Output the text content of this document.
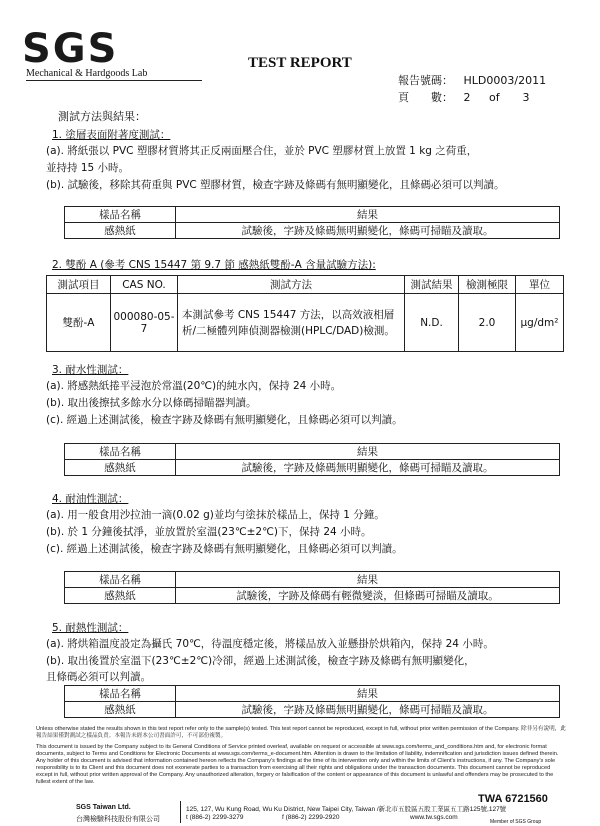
SGS
Mechanical & Hardgoods Lab
TEST REPORT
報告號碼： HLD0003/2011
頁　　數： 2 of 3
測試方法與結果：
1. 塗層表面附著度測試：
(a). 將紙張以 PVC 塑膠材質將其正反兩面壓合住，並於 PVC 塑膠材質上放置 1 kg 之荷重，
並持持 15 小時。
(b). 試驗後，移除其荷重與 PVC 塑膠材質，檢查字跡及條碼有無明顯變化，且條碼必須可以判讀。
樣品名稱	結果
感熱紙	試驗後，字跡及條碼無明顯變化，條碼可掃瞄及讀取。
2. 雙酚 A (參考 CNS 15447 第 9.7 節 感熱紙雙酚-A 含量試驗方法):
測試項目	CAS NO.	測試方法	測試結果	檢測極限	單位
雙酚-A	000080-05-7	本測試參考 CNS 15447 方法，以高效液相層析/二極體列陣偵測器檢測(HPLC/DAD)檢測。	N.D.	2.0	μg/dm²
3. 耐水性測試：
(a). 將感熱紙捲平浸泡於常溫(20℃)的純水內，保持 24 小時。
(b). 取出後擦拭多餘水分以條碼掃瞄器判讀。
(c). 經過上述測試後，檢查字跡及條碼有無明顯變化，且條碼必須可以判讀。
樣品名稱	結果
感熱紙	試驗後，字跡及條碼無明顯變化，條碼可掃瞄及讀取。
4. 耐油性測試：
(a). 用一般食用沙拉油一滴(0.02 g)並均勻塗抹於樣品上，保持 1 分鐘。
(b). 於 1 分鐘後拭淨，並放置於室溫(23℃±2℃)下，保持 24 小時。
(c). 經過上述測試後，檢查字跡及條碼有無明顯變化，且條碼必須可以判讀。
樣品名稱	結果
感熱紙	試驗後，字跡及條碼有輕微變淡，但條碼可掃瞄及讀取。
5. 耐熱性測試：
(a). 將烘箱溫度設定為攝氏 70℃，待溫度穩定後，將樣品放入並懸掛於烘箱內，保持 24 小時。
(b). 取出後置於室溫下(23℃±2℃)冷卻，經過上述測試後，檢查字跡及條碼有無明顯變化，
且條碼必須可以判讀。
樣品名稱	結果
感熱紙	試驗後，字跡及條碼無明顯變化，條碼可掃瞄及讀取。
Unless otherwise stated the results shown in this test report refer only to the sample(s) tested. This test report cannot be reproduced, except in full, without prior written permission of the Company. 除非另有說明，此報告結果僅對測試之樣品負責。本報告未經本公司書面許可，不可部份複製。
This document is issued by the Company subject to its General Conditions of Service printed overleaf, available on request or accessible at www.sgs.com/terms_and_conditions.htm and, for electronic format documents, subject to Terms and Conditions for Electronic Documents at www.sgs.com/terms_e-document.htm. Attention is drawn to the limitation of liability, indemnification and jurisdiction issues defined therein. Any holder of this document is advised that information contained hereon reflects the Company's findings at the time of its intervention only and within the limits of Client's instructions, if any. The Company's sole responsibility is to its Client and this document does not exonerate parties to a transaction from exercising all their rights and obligations under the transaction documents. This document cannot be reproduced except in full, without prior written approval of the Company. Any unauthorized alteration, forgery or falsification of the content or appearance of this document is unlawful and offenders may be prosecuted to the fullest extent of the law.
TWA 6721560
SGS Taiwan Ltd.
台灣檢驗科技股份有限公司
125, 127, Wu Kung Road, Wu Ku District, New Taipei City, Taiwan /新北市五股區五股工業區五工路125號,127號
t (886-2) 2299-3279	f (886-2) 2299-2920	www.tw.sgs.com
Member of SGS Group
